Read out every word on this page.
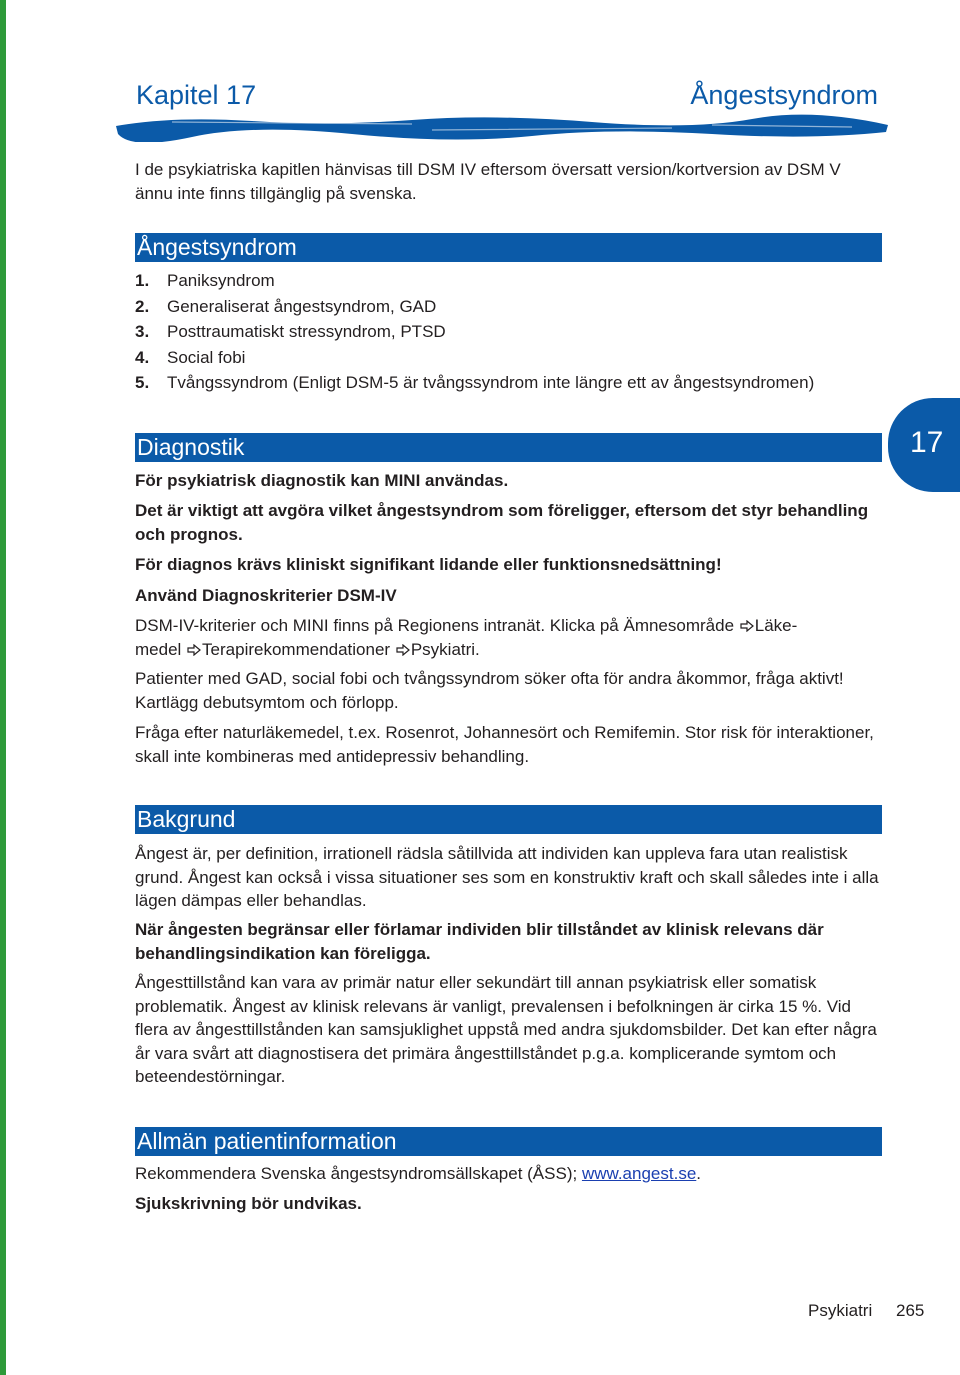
Kapitel 17	Ångestsyndrom
17
I de psykiatriska kapitlen hänvisas till DSM IV eftersom översatt version/kortversion av DSM V ännu inte finns tillgänglig på svenska.
Ångestsyndrom
1. Paniksyndrom
2. Generaliserat ångestsyndrom, GAD
3. Posttraumatiskt stressyndrom, PTSD
4. Social fobi
5. Tvångssyndrom (Enligt DSM-5 är tvångssyndrom inte längre ett av ångestsyndromen)
Diagnostik
För psykiatrisk diagnostik kan MINI användas.
Det är viktigt att avgöra vilket ångestsyndrom som föreligger, eftersom det styr behandling och prognos.
För diagnos krävs kliniskt signifikant lidande eller funktionsnedsättning!
Använd Diagnoskriterier DSM-IV
DSM-IV-kriterier och MINI finns på Regionens intranät. Klicka på Ämnesområde Läke-
medel Terapirekommendationer Psykiatri.
Patienter med GAD, social fobi och tvångssyndrom söker ofta för andra åkommor, fråga aktivt! Kartlägg debutsymtom och förlopp.
Fråga efter naturläkemedel, t.ex. Rosenrot, Johannesört och Remifemin. Stor risk för interaktioner, skall inte kombineras med antidepressiv behandling.
Bakgrund
Ångest är, per definition, irrationell rädsla såtillvida att individen kan uppleva fara utan realistisk grund. Ångest kan också i vissa situationer ses som en konstruktiv kraft och skall således inte i alla lägen dämpas eller behandlas.
När ångesten begränsar eller förlamar individen blir tillståndet av klinisk relevans där behandlingsindikation kan föreligga.
Ångesttillstånd kan vara av primär natur eller sekundärt till annan psykiatrisk eller somatisk problematik. Ångest av klinisk relevans är vanligt, prevalensen i befolkningen är cirka 15 %. Vid flera av ångesttillstånden kan samsjuklighet uppstå med andra sjukdomsbilder. Det kan efter några år vara svårt att diagnostisera det primära ångesttillståndet p.g.a. komplicerande symtom och beteendestörningar.
Allmän patientinformation
Rekommendera Svenska ångestsyndromsällskapet (ÅSS); www.angest.se.
Sjukskrivning bör undvikas.
Psykiatri 265
